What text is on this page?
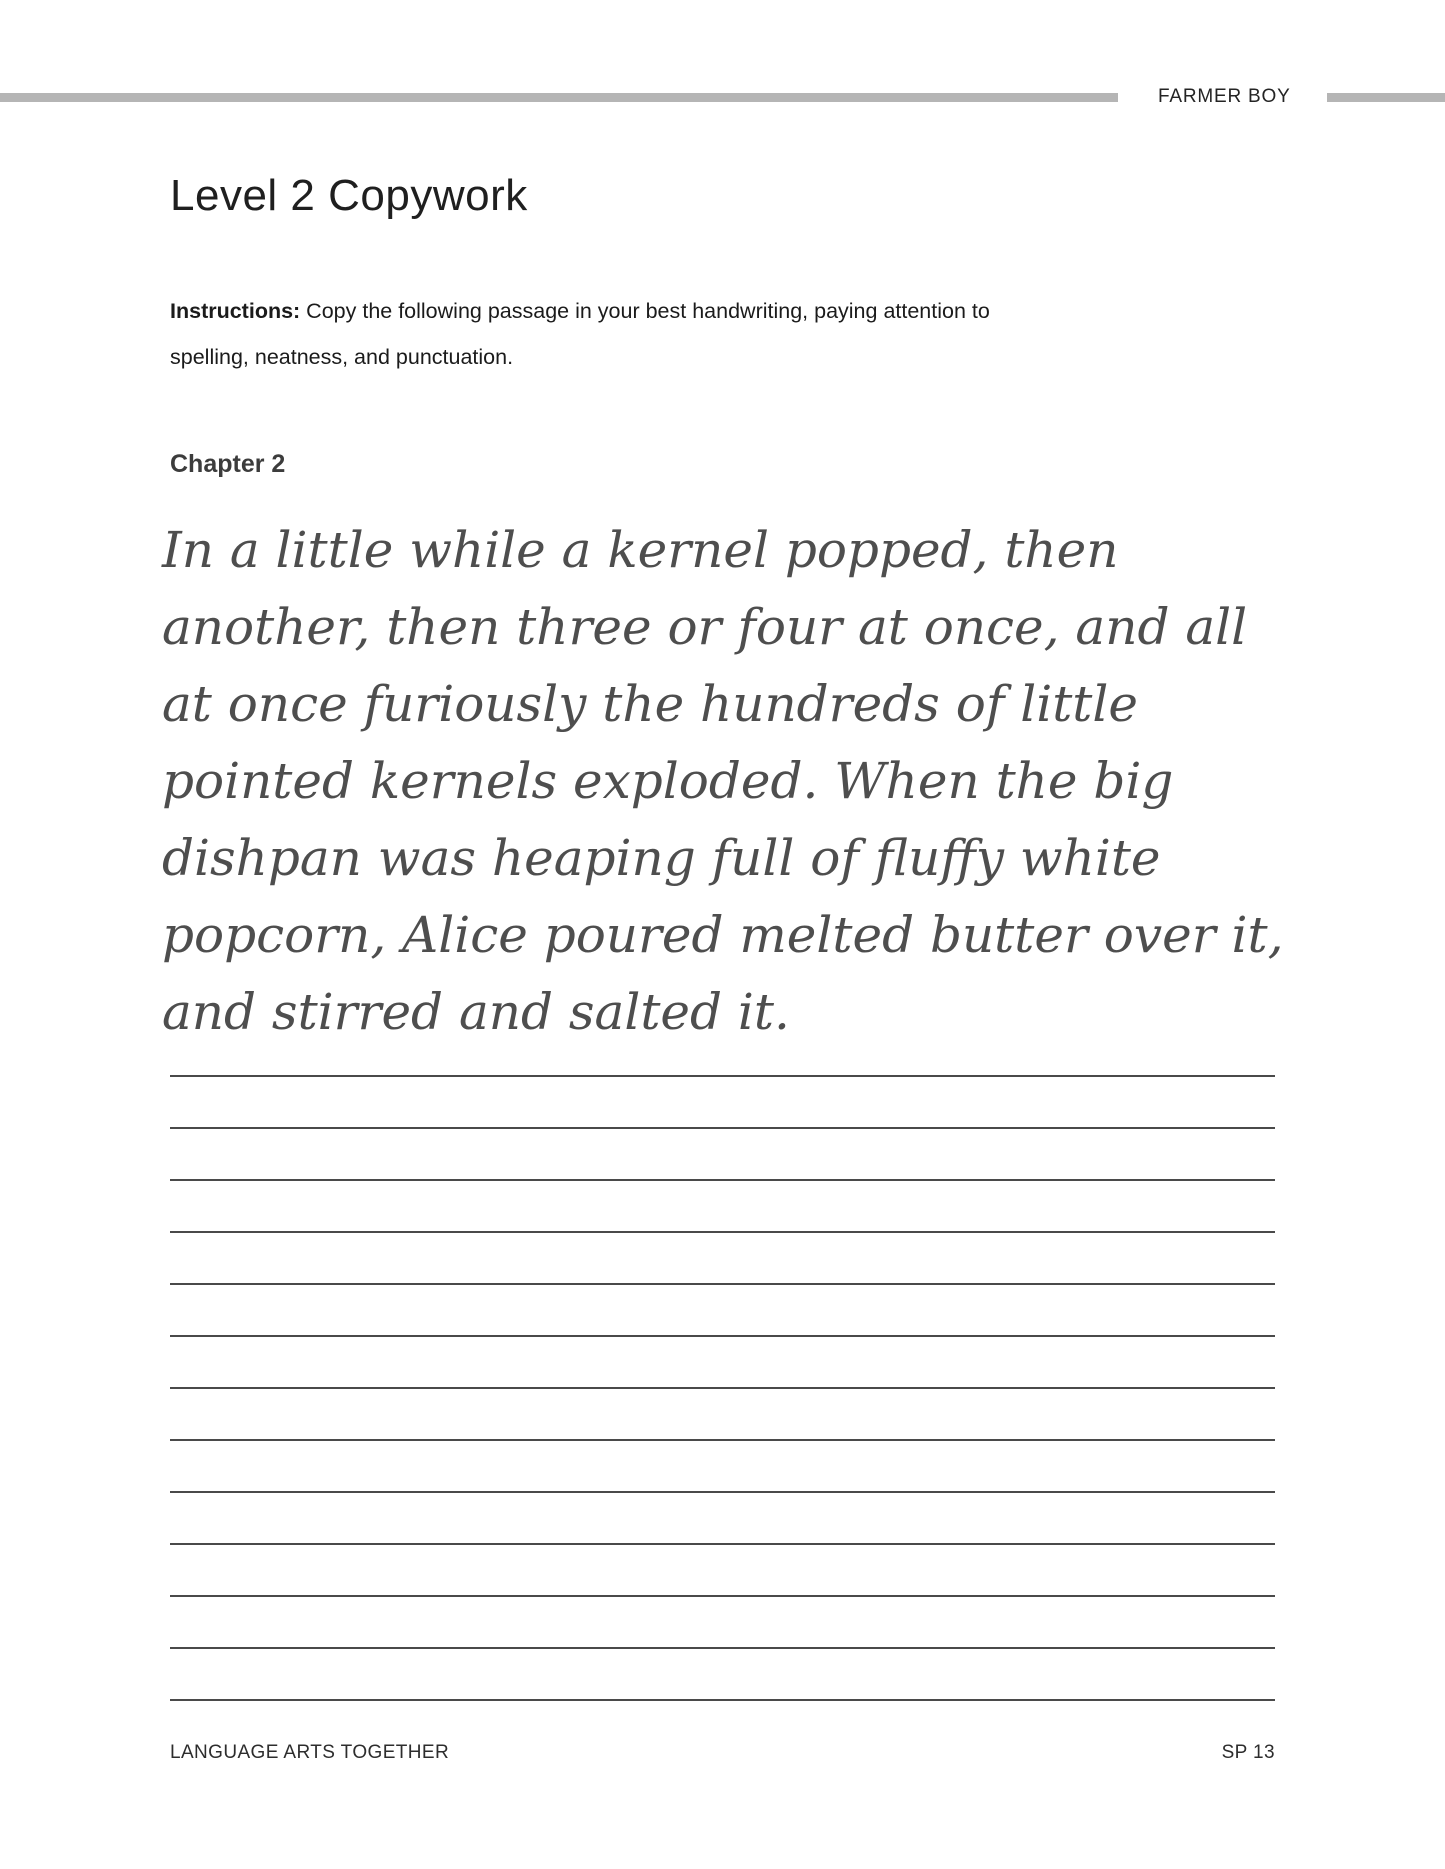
FARMER BOY
Level 2 Copywork

Instructions: Copy the following passage in your best handwriting, paying attention to
spelling, neatness, and punctuation.

Chapter 2
In a little while a kernel popped, then
another, then three or four at once, and all
at once furiously the hundreds of little
pointed kernels exploded. When the big
dishpan was heaping full of fluffy white
popcorn, Alice poured melted butter over it,
and stirred and salted it.
LANGUAGE ARTS TOGETHER	SP 13
